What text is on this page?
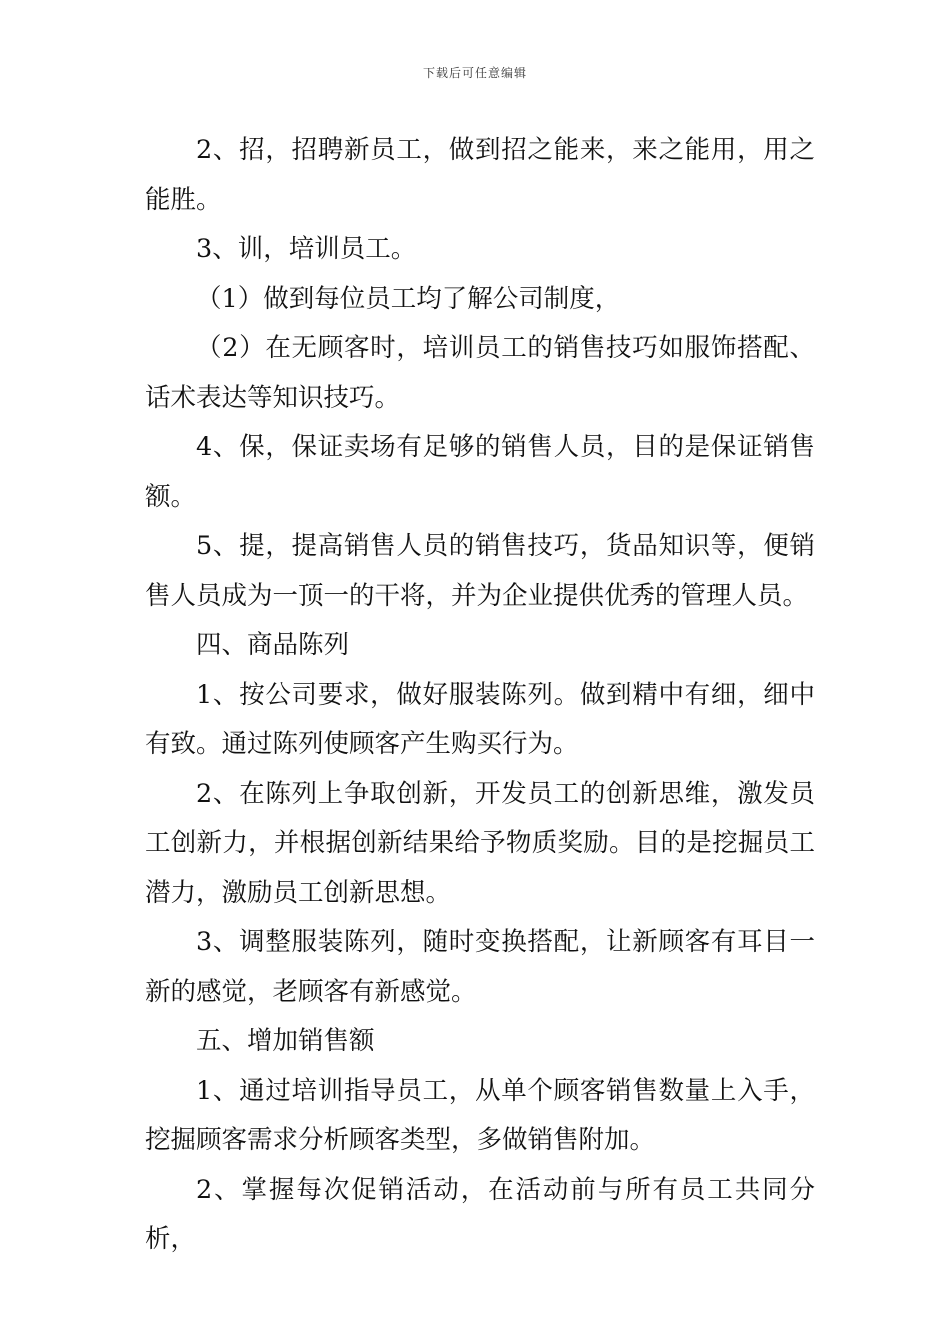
下载后可任意编辑

2、招，招聘新员工，做到招之能来，来之能用，用之能胜。

3、训，培训员工。

（1）做到每位员工均了解公司制度，

（2）在无顾客时，培训员工的销售技巧如服饰搭配、话术表达等知识技巧。

4、保，保证卖场有足够的销售人员，目的是保证销售额。

5、提，提高销售人员的销售技巧，货品知识等，便销售人员成为一顶一的干将，并为企业提供优秀的管理人员。

四、商品陈列

1、按公司要求，做好服装陈列。做到精中有细，细中有致。通过陈列使顾客产生购买行为。

2、在陈列上争取创新，开发员工的创新思维，激发员工创新力，并根据创新结果给予物质奖励。目的是挖掘员工潜力，激励员工创新思想。

3、调整服装陈列，随时变换搭配，让新顾客有耳目一新的感觉，老顾客有新感觉。

五、增加销售额

1、通过培训指导员工，从单个顾客销售数量上入手，挖掘顾客需求分析顾客类型，多做销售附加。

2、掌握每次促销活动，在活动前与所有员工共同分析，
